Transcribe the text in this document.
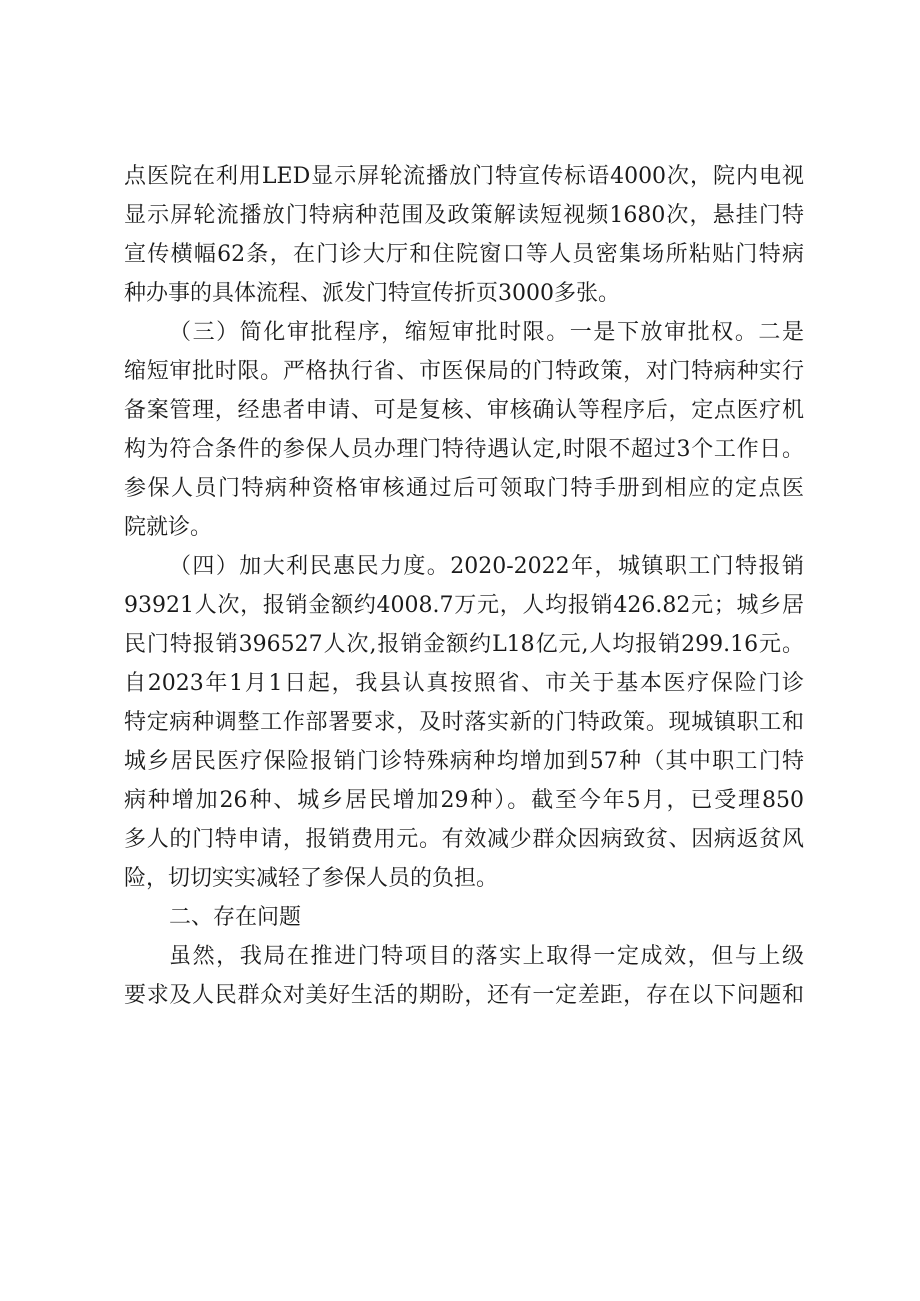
点医院在利用LED显示屏轮流播放门特宣传标语4000次，院内电视
显示屏轮流播放门特病种范围及政策解读短视频1680次，悬挂门特
宣传横幅62条，在门诊大厅和住院窗口等人员密集场所粘贴门特病
种办事的具体流程、派发门特宣传折页3000多张。
（三）简化审批程序，缩短审批时限。一是下放审批权。二是
缩短审批时限。严格执行省、市医保局的门特政策，对门特病种实行
备案管理，经患者申请、可是复核、审核确认等程序后，定点医疗机
构为符合条件的参保人员办理门特待遇认定,时限不超过3个工作日。
参保人员门特病种资格审核通过后可领取门特手册到相应的定点医
院就诊。
（四）加大利民惠民力度。2020-2022年，城镇职工门特报销
93921人次，报销金额约4008.7万元，人均报销426.82元；城乡居
民门特报销396527人次,报销金额约L18亿元,人均报销299.16元。
自2023年1月1日起，我县认真按照省、市关于基本医疗保险门诊
特定病种调整工作部署要求，及时落实新的门特政策。现城镇职工和
城乡居民医疗保险报销门诊特殊病种均增加到57种（其中职工门特
病种增加26种、城乡居民增加29种）。截至今年5月，已受理850
多人的门特申请，报销费用元。有效减少群众因病致贫、因病返贫风
险，切切实实减轻了参保人员的负担。
二、存在问题
虽然，我局在推进门特项目的落实上取得一定成效，但与上级
要求及人民群众对美好生活的期盼，还有一定差距，存在以下问题和
